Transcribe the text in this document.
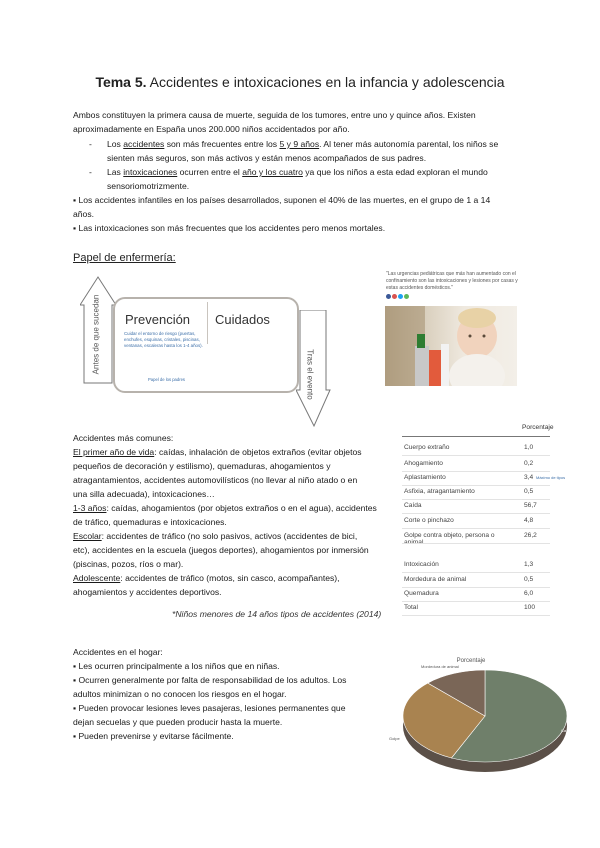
Tema 5. Accidentes e intoxicaciones en la infancia y adolescencia
Ambos constituyen la primera causa de muerte, seguida de los tumores, entre uno y quince años. Existen
aproximadamente en España unos 200.000 niños accidentados por año.
- Los accidentes son más frecuentes entre los 5 y 9 años. Al tener más autonomía parental, los niños se
sienten más seguros, son más activos y están menos acompañados de sus padres.
- Las intoxicaciones ocurren entre el año y los cuatro ya que los niños a esta edad exploran el mundo
sensoriomotrizmente.
▪ Los accidentes infantiles en los países desarrollados, suponen el 40% de las muertes, en el grupo de 1 a 14
años.
▪ Las intoxicaciones son más frecuentes que los accidentes pero menos mortales.
Papel de enfermería:
Antes de que sucedan
Tras el evento
Prevención Cuidados
Cuidar el entorno de riesgo (puertas, enchufes, esquinas, cristales, piscinas, ventanas, escaleras hasta los 1-4 años).
Papel de los padres
"Las urgencias pediátricas que más han aumentado con el confinamiento son las intoxicaciones y lesiones por casas y estas accidentes domésticos."
Accidentes más comunes:
El primer año de vida: caídas, inhalación de objetos extraños (evitar objetos
pequeños de decoración y estilismo), quemaduras, ahogamientos y
atragantamientos, accidentes automovilísticos (no llevar al niño atado o en
una silla adecuada), intoxicaciones…
1-3 años: caídas, ahogamientos (por objetos extraños o en el agua), accidentes
de tráfico, quemaduras e intoxicaciones.
Escolar: accidentes de tráfico (no solo pasivos, activos (accidentes de bici,
etc), accidentes en la escuela (juegos deportes), ahogamientos por inmersión
(piscinas, pozos, ríos o mar).
Adolescente: accidentes de tráfico (motos, sin casco, acompañantes),
ahogamientos y accidentes deportivos.
Porcentaje
Cuerpo extraño	1,0
Ahogamiento	0,2
Aplastamiento	3,4 Máximo de tipos
Asfixia, atragantamiento	0,5
Caída	56,7
Corte o pinchazo	4,8
Golpe contra objeto, persona o animal
26,2
Intoxicación	1,3
Mordedura de animal	0,5
Quemadura	6,0
Total	100
*Niños menores de 14 años tipos de accidentes (2014)
Accidentes en el hogar:
▪ Les ocurren principalmente a los niños que en niñas.
▪ Ocurren generalmente por falta de responsabilidad de los adultos. Los
adultos minimizan o no conocen los riesgos en el hogar.
▪ Pueden provocar lesiones leves pasajeras, lesiones permanentes que
dejan secuelas y que pueden producir hasta la muerte.
▪ Pueden prevenirse y evitarse fácilmente.
Porcentaje
Golpe
Caída
Mordedura de animal
